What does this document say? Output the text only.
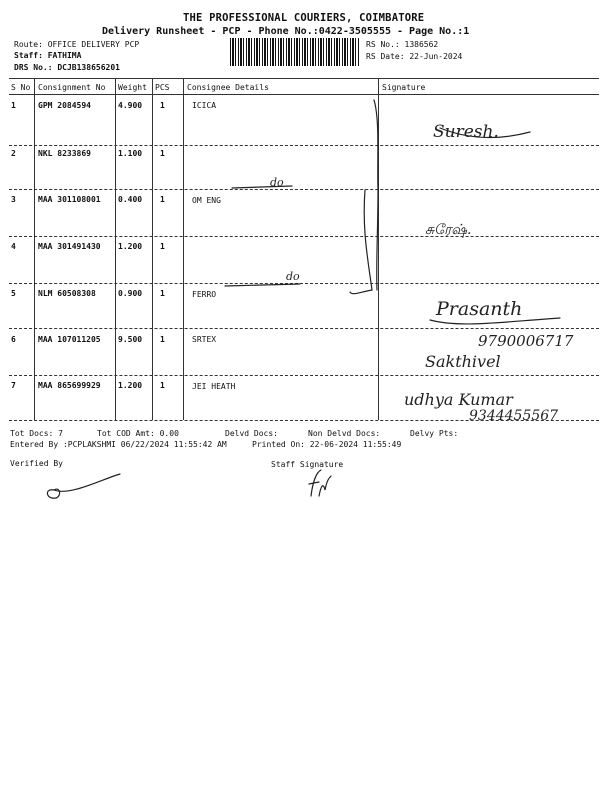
THE PROFESSIONAL COURIERS, COIMBATORE
Delivery Runsheet - PCP - Phone No.:0422-3505555 - Page No.:1
Route: OFFICE DELIVERY PCP
Staff: FATHIMA
DRS No.: DCJB138656201
RS No.: 1386562
RS Date: 22-Jun-2024
S No Consignment No Weight PCS Consignee Details	Signature
1	GPM 2084594	4.900 1	ICICA
2	NKL 8233869	1.100 1
3	MAA 301108001 0.400 1	OM ENG
4	MAA 301491430 1.200 1
5	NLM 60508308	0.900 1	FERRO
6	MAA 107011205 9.500 1	SRTEX
7	MAA 865699929 1.200 1	JEI HEATH
Suresh.
சுரேஷ்.
Prasanth
9790006717
Sakthivel
udhya Kumar
9344455567
do
do
Tot Docs: 7	Tot COD Amt: 0.00	Delvd Docs:	Non Delvd Docs:	Delvy Pts:
Entered By :PCPLAKSHMI 06/22/2024 11:55:42 AM	Printed On: 22-06-2024 11:55:49
Verified By	Staff Signature
